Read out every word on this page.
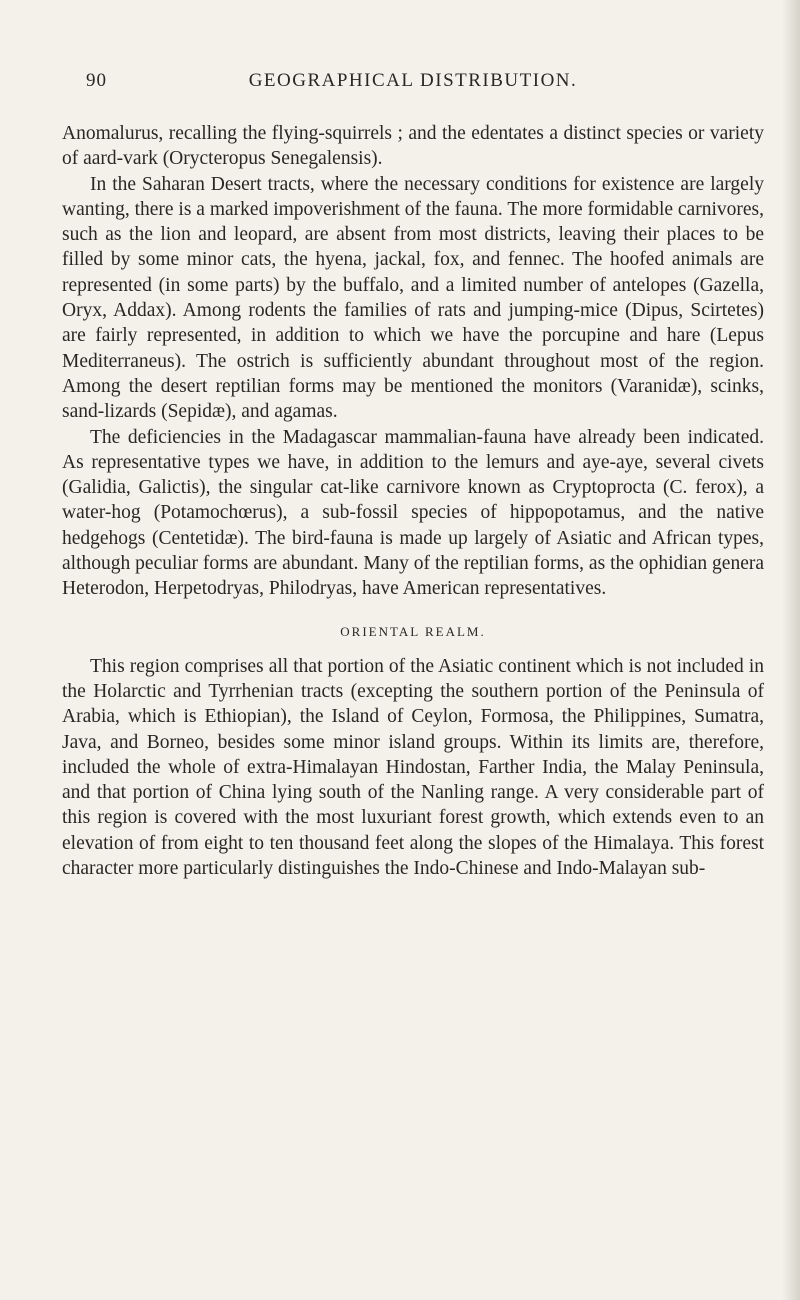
90	GEOGRAPHICAL DISTRIBUTION.

Anomalurus, recalling the flying-squirrels ; and the edentates a distinct species or variety of aard-vark (Orycteropus Senegalensis).

In the Saharan Desert tracts, where the necessary conditions for existence are largely wanting, there is a marked impoverishment of the fauna. The more formidable carnivores, such as the lion and leopard, are absent from most districts, leaving their places to be filled by some minor cats, the hyena, jackal, fox, and fennec. The hoofed animals are represented (in some parts) by the buffalo, and a limited number of antelopes (Gazella, Oryx, Addax). Among rodents the families of rats and jumping-mice (Dipus, Scirtetes) are fairly represented, in addition to which we have the porcupine and hare (Lepus Mediterraneus). The ostrich is sufficiently abundant throughout most of the region. Among the desert reptilian forms may be mentioned the monitors (Varanidæ), scinks, sand-lizards (Sepidæ), and agamas.

The deficiencies in the Madagascar mammalian-fauna have already been indicated. As representative types we have, in addition to the lemurs and aye-aye, several civets (Galidia, Galictis), the singular cat-like carnivore known as Cryptoprocta (C. ferox), a water-hog (Potamochœrus), a sub-fossil species of hippopotamus, and the native hedgehogs (Centetidæ). The bird-fauna is made up largely of Asiatic and African types, although peculiar forms are abundant. Many of the reptilian forms, as the ophidian genera Heterodon, Herpetodryas, Philodryas, have American representatives.

ORIENTAL REALM.

This region comprises all that portion of the Asiatic continent which is not included in the Holarctic and Tyrrhenian tracts (excepting the southern portion of the Peninsula of Arabia, which is Ethiopian), the Island of Ceylon, Formosa, the Philippines, Sumatra, Java, and Borneo, besides some minor island groups. Within its limits are, therefore, included the whole of extra-Himalayan Hindostan, Farther India, the Malay Peninsula, and that portion of China lying south of the Nanling range. A very considerable part of this region is covered with the most luxuriant forest growth, which extends even to an elevation of from eight to ten thousand feet along the slopes of the Himalaya. This forest character more particularly distinguishes the Indo-Chinese and Indo-Malayan sub-
